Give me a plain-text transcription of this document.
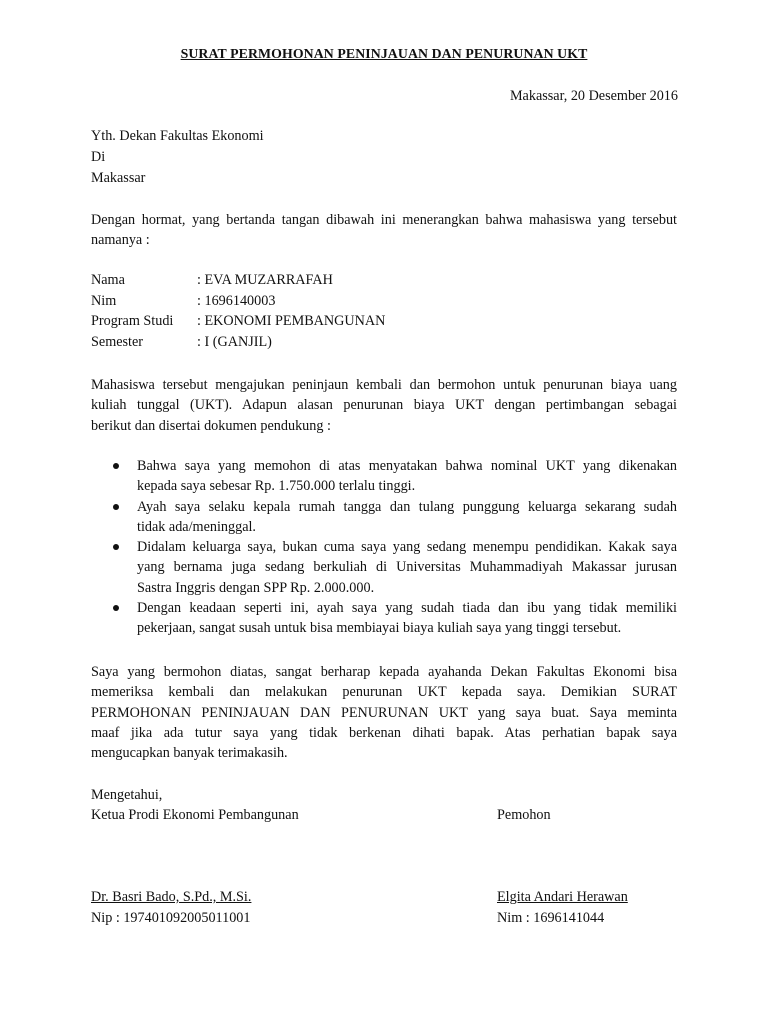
SURAT PERMOHONAN PENINJAUAN DAN PENURUNAN UKT
Makassar, 20 Desember 2016
Yth. Dekan Fakultas Ekonomi
Di
Makassar
Dengan hormat, yang bertanda tangan dibawah ini menerangkan bahwa mahasiswa yang tersebut
namanya :
Nama	: EVA MUZARRAFAH
Nim	: 1696140003
Program Studi : EKONOMI PEMBANGUNAN
Semester	: I (GANJIL)
Mahasiswa tersebut mengajukan peninjaun kembali dan bermohon untuk penurunan biaya uang
kuliah tunggal (UKT). Adapun alasan penurunan biaya UKT dengan pertimbangan sebagai
berikut dan disertai dokumen pendukung :
Bahwa saya yang memohon di atas menyatakan bahwa nominal UKT yang dikenakan
kepada saya sebesar Rp. 1.750.000 terlalu tinggi.
Ayah saya selaku kepala rumah tangga dan tulang punggung keluarga sekarang sudah
tidak ada/meninggal.
Didalam keluarga saya, bukan cuma saya yang sedang menempu pendidikan. Kakak saya
yang bernama juga sedang berkuliah di Universitas Muhammadiyah Makassar jurusan
Sastra Inggris dengan SPP Rp. 2.000.000.
Dengan keadaan seperti ini, ayah saya yang sudah tiada dan ibu yang tidak memiliki
pekerjaan, sangat susah untuk bisa membiayai biaya kuliah saya yang tinggi tersebut.
Saya yang bermohon diatas, sangat berharap kepada ayahanda Dekan Fakultas Ekonomi bisa
memeriksa kembali dan melakukan penurunan UKT kepada saya. Demikian SURAT
PERMOHONAN PENINJAUAN DAN PENURUNAN UKT yang saya buat. Saya meminta
maaf jika ada tutur saya yang tidak berkenan dihati bapak. Atas perhatian bapak saya
mengucapkan banyak terimakasih.
Mengetahui,
Ketua Prodi Ekonomi Pembangunan	Pemohon
Dr. Basri Bado, S.Pd., M.Si.
Nip : 197401092005011001
Elgita Andari Herawan
Nim : 1696141044
